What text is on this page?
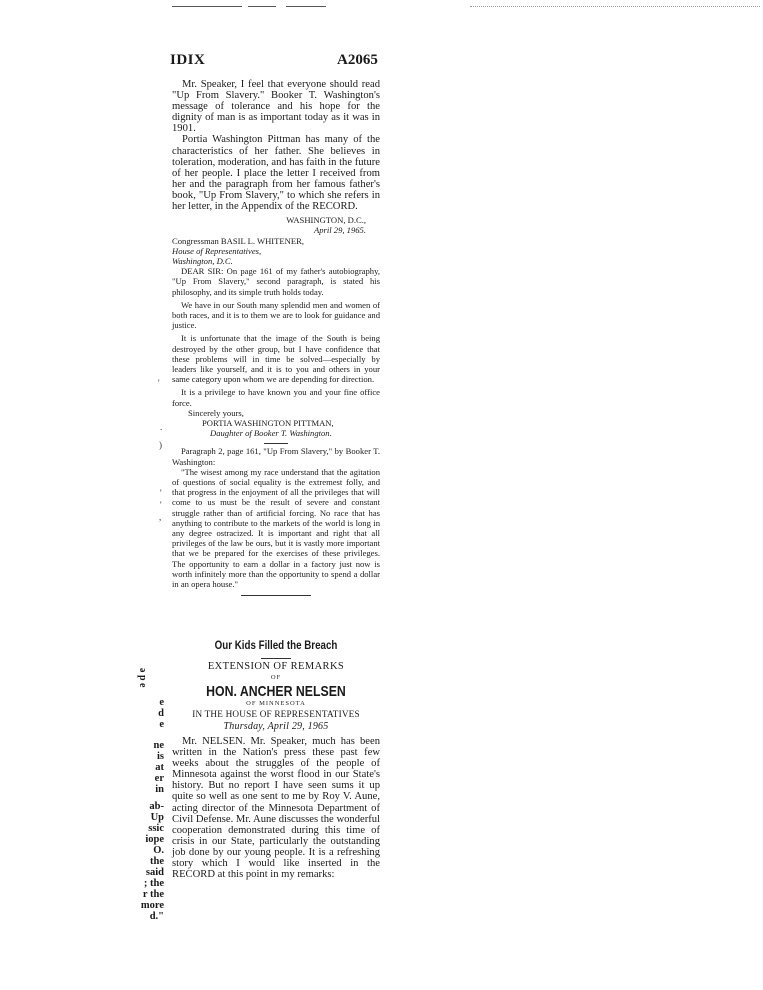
IDIX	A2065

Mr. Speaker, I feel that everyone should read "Up From Slavery." Booker T. Washington's message of tolerance and his hope for the dignity of man is as important today as it was in 1901.

Portia Washington Pittman has many of the characteristics of her father. She believes in toleration, moderation, and has faith in the future of her people. I place the letter I received from her and the paragraph from her famous father's book, "Up From Slavery," to which she refers in her letter, in the Appendix of the RECORD.

WASHINGTON, D.C.,
April 29, 1965.
Congressman BASIL L. WHITENER,
House of Representatives,
Washington, D.C.

DEAR SIR: On page 161 of my father's autobiography, "Up From Slavery," second paragraph, is stated his philosophy, and its simple truth holds today.

We have in our South many splendid men and women of both races, and it is to them we are to look for guidance and justice.

It is unfortunate that the image of the South is being destroyed by the other group, but I have confidence that these problems will in time be solved—especially by leaders like yourself, and it is to you and others in your same category upon whom we are depending for direction.

It is a privilege to have known you and your fine office force.

Sincerely yours,
PORTIA WASHINGTON PITTMAN,
Daughter of Booker T. Washington.

Paragraph 2, page 161, "Up From Slavery," by Booker T. Washington:

"The wisest among my race understand that the agitation of questions of social equality is the extremest folly, and that progress in the enjoyment of all the privileges that will come to us must be the result of severe and constant struggle rather than of artificial forcing. No race that has anything to contribute to the markets of the world is long in any degree ostracized. It is important and right that all privileges of the law be ours, but it is vastly more important that we be prepared for the exercises of these privileges. The opportunity to earn a dollar in a factory just now is worth infinitely more than the opportunity to spend a dollar in an opera house."

Our Kids Filled the Breach
EXTENSION OF REMARKS
OF
HON. ANCHER NELSEN
OF MINNESOTA
IN THE HOUSE OF REPRESENTATIVES
Thursday, April 29, 1965

Mr. NELSEN. Mr. Speaker, much has been written in the Nation's press these past few weeks about the struggles of the people of Minnesota against the worst flood in our State's history. But no report I have seen sums it up quite so well as one sent to me by Roy V. Aune, acting director of the Minnesota Department of Civil Defense. Mr. Aune discusses the wonderful cooperation demonstrated during this time of crisis in our State, particularly the outstanding job done by our young people. It is a refreshing story which I would like inserted in the RECORD at this point in my remarks:

ə p e
e
d
e
ne
is
at
er
in
ab-
Up
ssic
iope
O.
the
said
; the
r the
more
d."
'
.
)
'
'
,
